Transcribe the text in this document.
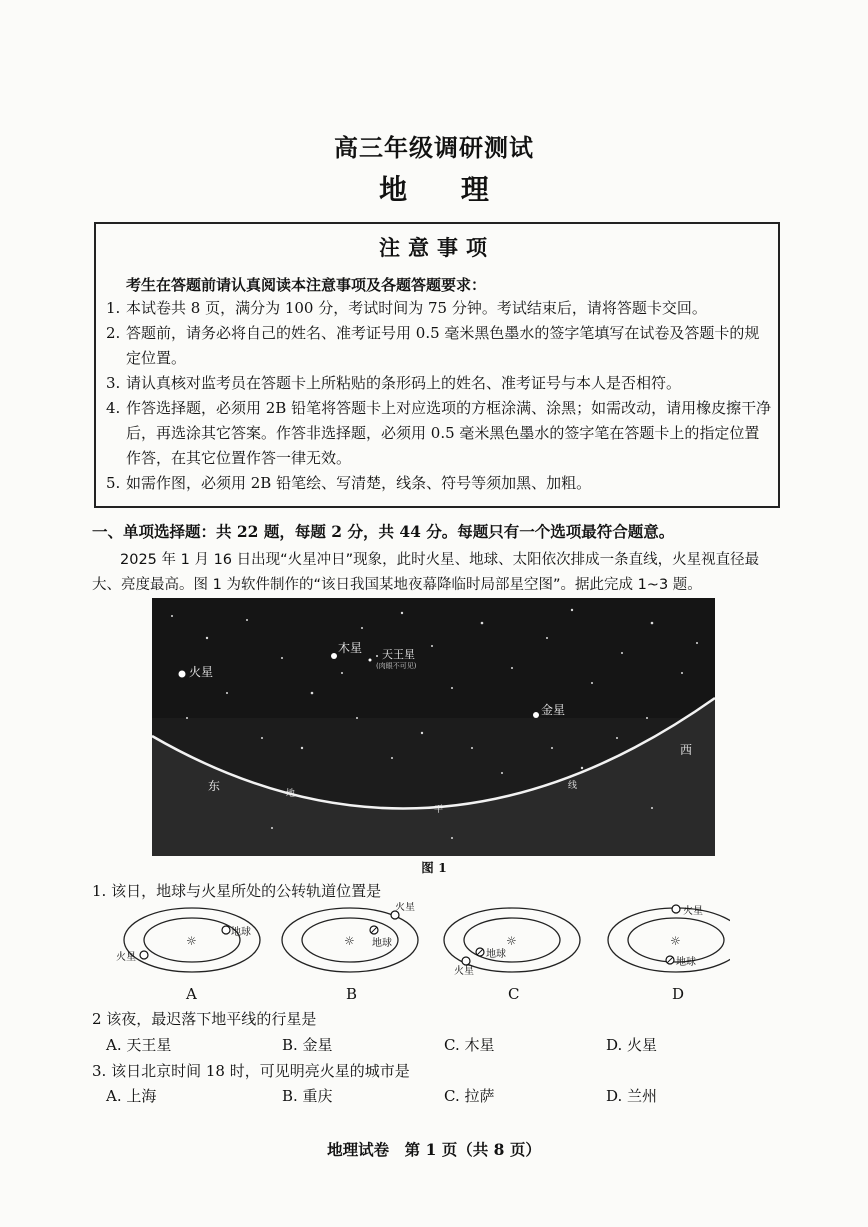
高三年级调研测试
地 理
注意事项
考生在答题前请认真阅读本注意事项及各题答题要求：
1. 本试卷共 8 页，满分为 100 分，考试时间为 75 分钟。考试结束后，请将答题卡交回。
2. 答题前，请务必将自己的姓名、准考证号用 0.5 毫米黑色墨水的签字笔填写在试卷及答题卡的规定位置。
3. 请认真核对监考员在答题卡上所粘贴的条形码上的姓名、准考证号与本人是否相符。
4. 作答选择题，必须用 2B 铅笔将答题卡上对应选项的方框涂满、涂黑；如需改动，请用橡皮擦干净后，再选涂其它答案。作答非选择题，必须用 0.5 毫米黑色墨水的签字笔在答题卡上的指定位置作答，在其它位置作答一律无效。
5. 如需作图，必须用 2B 铅笔绘、写清楚，线条、符号等须加黑、加粗。
一、单项选择题：共 22 题，每题 2 分，共 44 分。每题只有一个选项最符合题意。
2025 年 1 月 16 日出现“火星冲日”现象，此时火星、地球、太阳依次排成一条直线，火星视直径最大、亮度最高。图 1 为软件制作的“该日我国某地夜幕降临时局部星空图”。据此完成 1~3 题。
火星
木星 天王星
(肉眼不可见)
金星
东
西
地
平
线
图 1
1. 该日，地球与火星所处的公转轨道位置是
☼
地球
火星
☼ 地球
火星
☼
地球
火星
☼
火星
地球
A	B	C	D
2 该夜，最迟落下地平线的行星是
A. 天王星	B. 金星	C. 木星	D. 火星
3. 该日北京时间 18 时，可见明亮火星的城市是
A. 上海	B. 重庆	C. 拉萨	D. 兰州
地理试卷　第 1 页（共 8 页）
